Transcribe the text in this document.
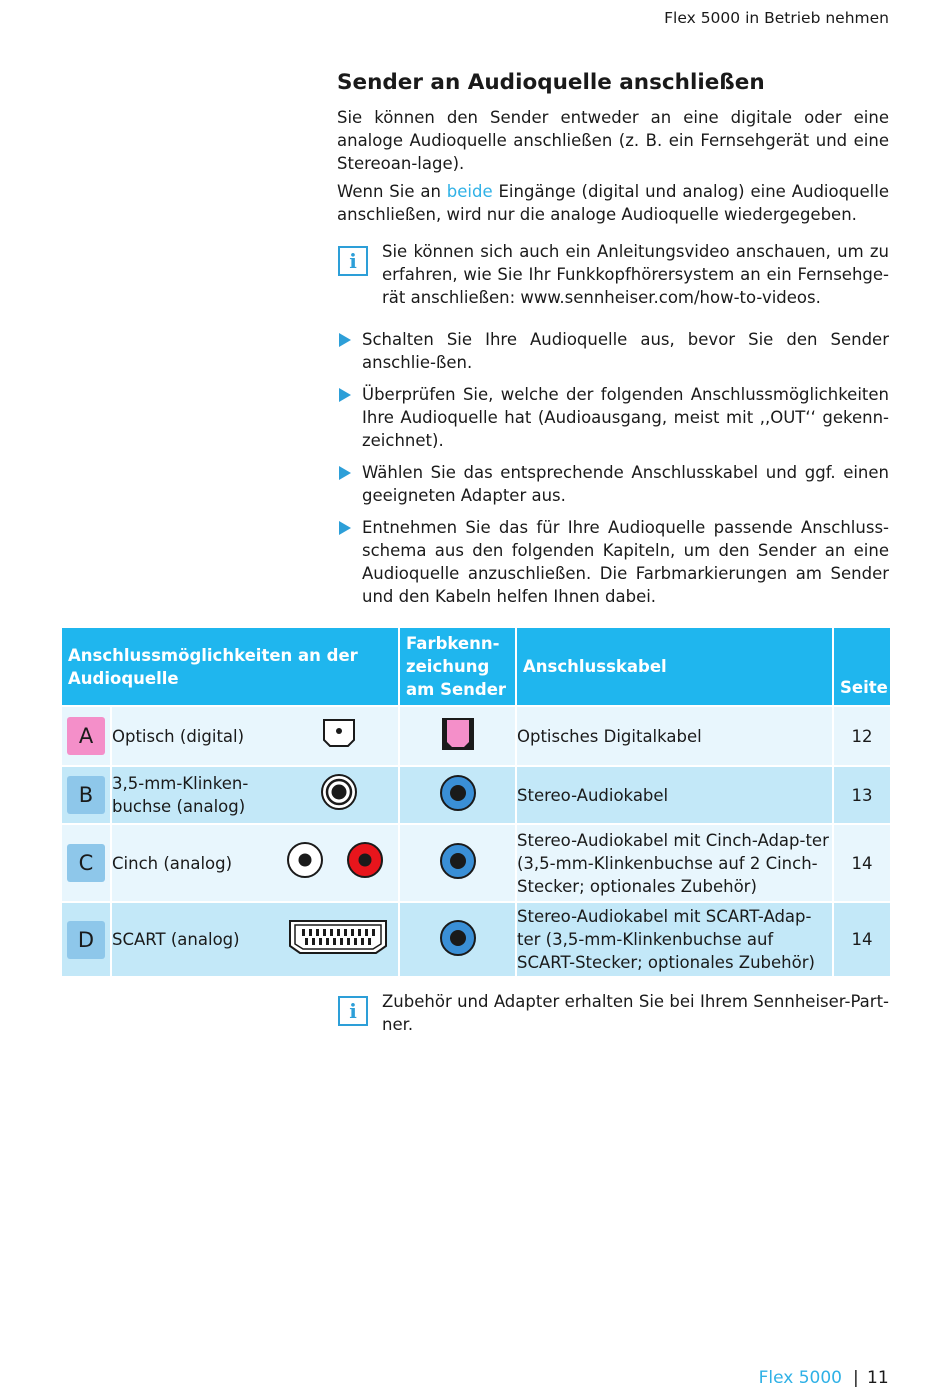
Flex 5000 in Betrieb nehmen
Sender an Audioquelle anschließen

Sie können den Sender entweder an eine digitale oder eine analoge Audioquelle anschließen (z. B. ein Fernsehgerät und eine Stereoan-lage).

Wenn Sie an beide Eingänge (digital und analog) eine Audioquelle anschließen, wird nur die analoge Audioquelle wiedergegeben.

i	Sie können sich auch ein Anleitungsvideo anschauen, um zu erfahren, wie Sie Ihr Funkkopfhörersystem an ein Fernsehge-rät anschließen: www.sennheiser.com/how-to-videos.

Schalten Sie Ihre Audioquelle aus, bevor Sie den Sender anschlie-ßen.

Überprüfen Sie, welche der folgenden Anschlussmöglichkeiten Ihre Audioquelle hat (Audioausgang, meist mit ,,OUT‘‘ gekenn-zeichnet).

Wählen Sie das entsprechende Anschlusskabel und ggf. einen geeigneten Adapter aus.

Entnehmen Sie das für Ihre Audioquelle passende Anschluss-schema aus den folgenden Kapiteln, um den Sender an eine Audioquelle anzuschließen. Die Farbmarkierungen am Sender und den Kabeln helfen Ihnen dabei.

Anschlussmöglichkeiten an der Audioquelle		Farbkenn-zeichung am Sender	Anschlusskabel	Seite
A	Optisch (digital)		Optisches Digitalkabel	12
B	3,5-mm-Klinken-buchse (analog)		Stereo-Audiokabel	13
C	Cinch (analog)		Stereo-Audiokabel mit Cinch-Adap-ter (3,5-mm-Klinkenbuchse auf 2 Cinch-Stecker; optionales Zubehör)	14
D	SCART (analog)		Stereo-Audiokabel mit SCART-Adap-ter (3,5-mm-Klinkenbuchse auf SCART-Stecker; optionales Zubehör)	14
i	Zubehör und Adapter erhalten Sie bei Ihrem Sennheiser-Part-ner.

Flex 5000 | 11
